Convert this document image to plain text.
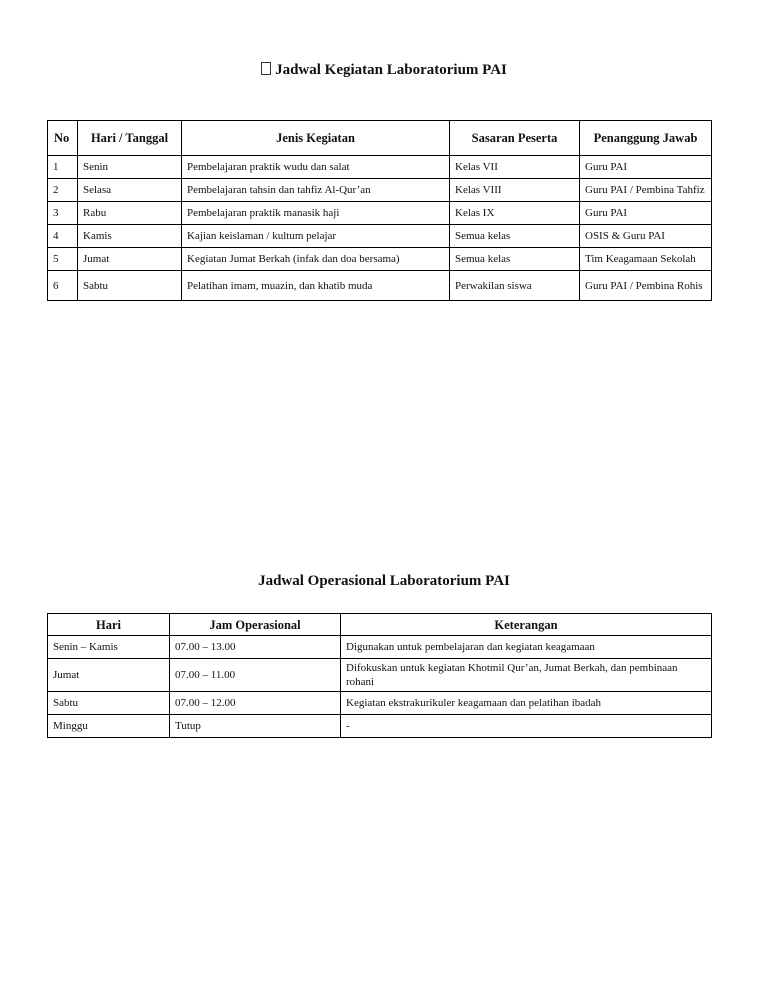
Jadwal Kegiatan Laboratorium PAI
No	Hari / Tanggal	Jenis Kegiatan	Sasaran Peserta	Penanggung Jawab
1	Senin	Pembelajaran praktik wudu dan salat	Kelas VII	Guru PAI
2	Selasa	Pembelajaran tahsin dan tahfiz Al-Qur’an	Kelas VIII	Guru PAI / Pembina Tahfiz
3	Rabu	Pembelajaran praktik manasik haji	Kelas IX	Guru PAI
4	Kamis	Kajian keislaman / kultum pelajar	Semua kelas	OSIS & Guru PAI
5	Jumat	Kegiatan Jumat Berkah (infak dan doa bersama)	Semua kelas	Tim Keagamaan Sekolah
6	Sabtu	Pelatihan imam, muazin, dan khatib muda	Perwakilan siswa	Guru PAI / Pembina Rohis
Jadwal Operasional Laboratorium PAI
Hari	Jam Operasional	Keterangan
Senin – Kamis	07.00 – 13.00	Digunakan untuk pembelajaran dan kegiatan keagamaan
Jumat	07.00 – 11.00	Difokuskan untuk kegiatan Khotmil Qur’an, Jumat Berkah, dan pembinaan rohani
Sabtu	07.00 – 12.00	Kegiatan ekstrakurikuler keagamaan dan pelatihan ibadah
Minggu	Tutup	-
